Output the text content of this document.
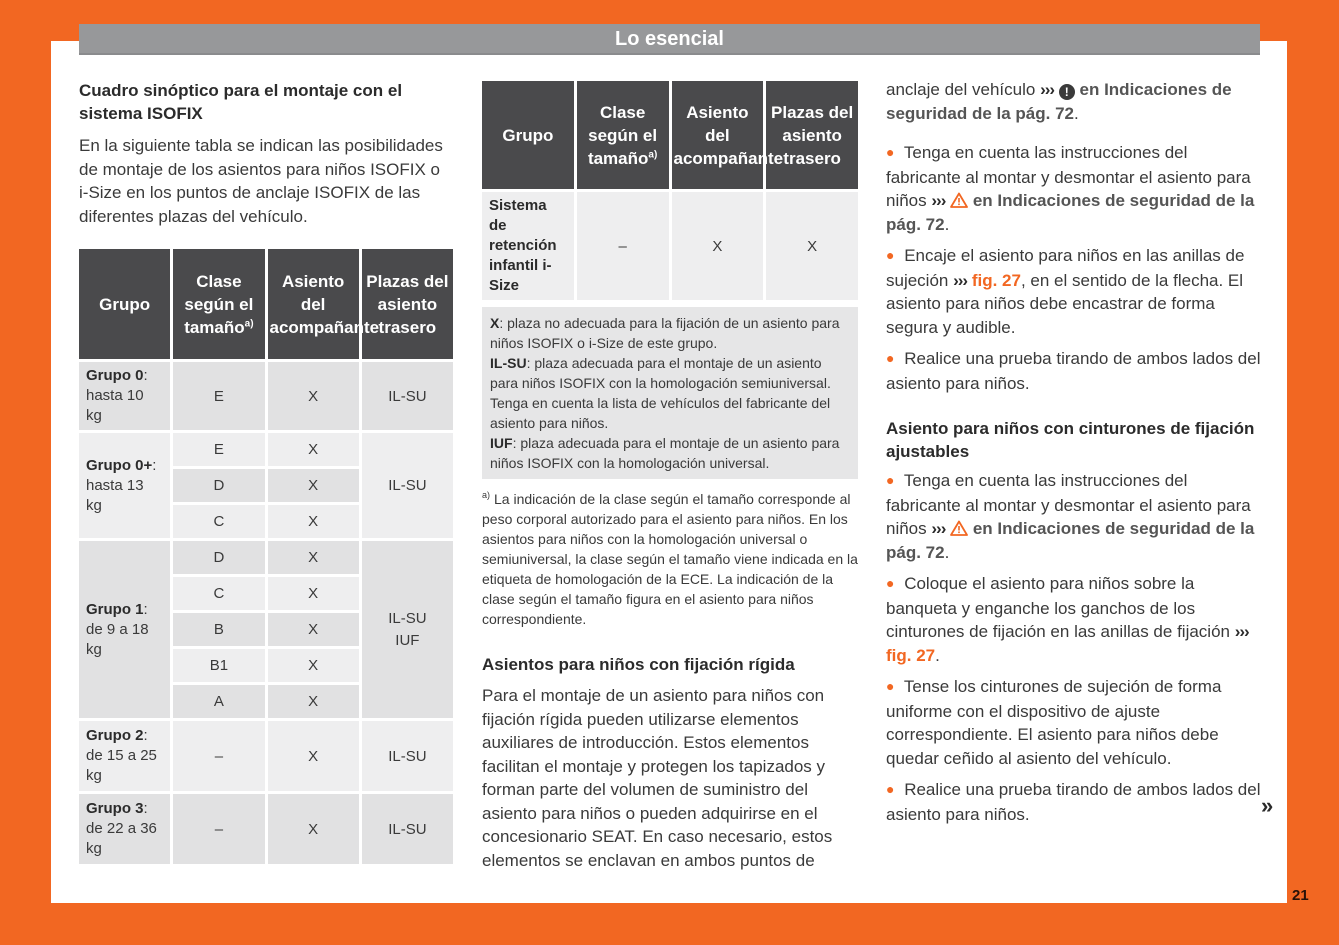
Lo esencial
Cuadro sinóptico para el montaje con el sistema ISOFIX

En la siguiente tabla se indican las posibilidades de montaje de los asientos para niños ISOFIX o i-Size en los puntos de anclaje ISOFIX de las diferentes plazas del vehículo.

Grupo	Clase según el tamaño$^{a)}$	Asiento del acompañante	Plazas del asiento trasero
Grupo 0: hasta 10 kg	E	X	IL-SU
Grupo 0+: hasta 13 kg	E	X	IL-SU
	D	X	
	C	X	
Grupo 1: de 9 a 18 kg	D	X	IL-SU IUF
	C	X	
	B	X	
	B1	X	
	A	X	
Grupo 2: de 15 a 25 kg	–	X	IL-SU
Grupo 3: de 22 a 36 kg	–	X	IL-SU
Grupo	Clase según el tamaño$^{a)}$	Asiento del acompañante	Plazas del asiento trasero
Sistema de retención infantil i-Size	–	X	X
X: plaza no adecuada para la fijación de un asiento para niños ISOFIX o i-Size de este grupo.
IL-SU: plaza adecuada para el montaje de un asiento para niños ISOFIX con la homologación semiuniversal. Tenga en cuenta la lista de vehículos del fabricante del asiento para niños.
IUF: plaza adecuada para el montaje de un asiento para niños ISOFIX con la homologación universal.
$^{a)}$ La indicación de la clase según el tamaño corresponde al peso corporal autorizado para el asiento para niños. En los asientos para niños con la homologación universal o semiuniversal, la clase según el tamaño viene indicada en la etiqueta de homologación de la ECE. La indicación de la clase según el tamaño figura en el asiento para niños correspondiente.
Asientos para niños con fijación rígida

Para el montaje de un asiento para niños con fijación rígida pueden utilizarse elementos auxiliares de introducción. Estos elementos facilitan el montaje y protegen los tapizados y forman parte del volumen de suministro del asiento para niños o pueden adquirirse en el concesionario SEAT. En caso necesario, estos elementos se enclavan en ambos puntos de

anclaje del vehículo ››› ! en Indicaciones de seguridad de la pág. 72.

● Tenga en cuenta las instrucciones del fabricante al montar y desmontar el asiento para niños ››› en Indicaciones de seguridad de la pág. 72.
● Encaje el asiento para niños en las anillas de sujeción ››› fig. 27, en el sentido de la flecha. El asiento para niños debe encastrar de forma segura y audible.
● Realice una prueba tirando de ambos lados del asiento para niños.
Asiento para niños con cinturones de fijación ajustables
● Tenga en cuenta las instrucciones del fabricante al montar y desmontar el asiento para niños ››› en Indicaciones de seguridad de la pág. 72.
● Coloque el asiento para niños sobre la banqueta y enganche los ganchos de los cinturones de fijación en las anillas de fijación ››› fig. 27.
● Tense los cinturones de sujeción de forma uniforme con el dispositivo de ajuste correspondiente. El asiento para niños debe quedar ceñido al asiento del vehículo.
● Realice una prueba tirando de ambos lados del asiento para niños.	»
21
